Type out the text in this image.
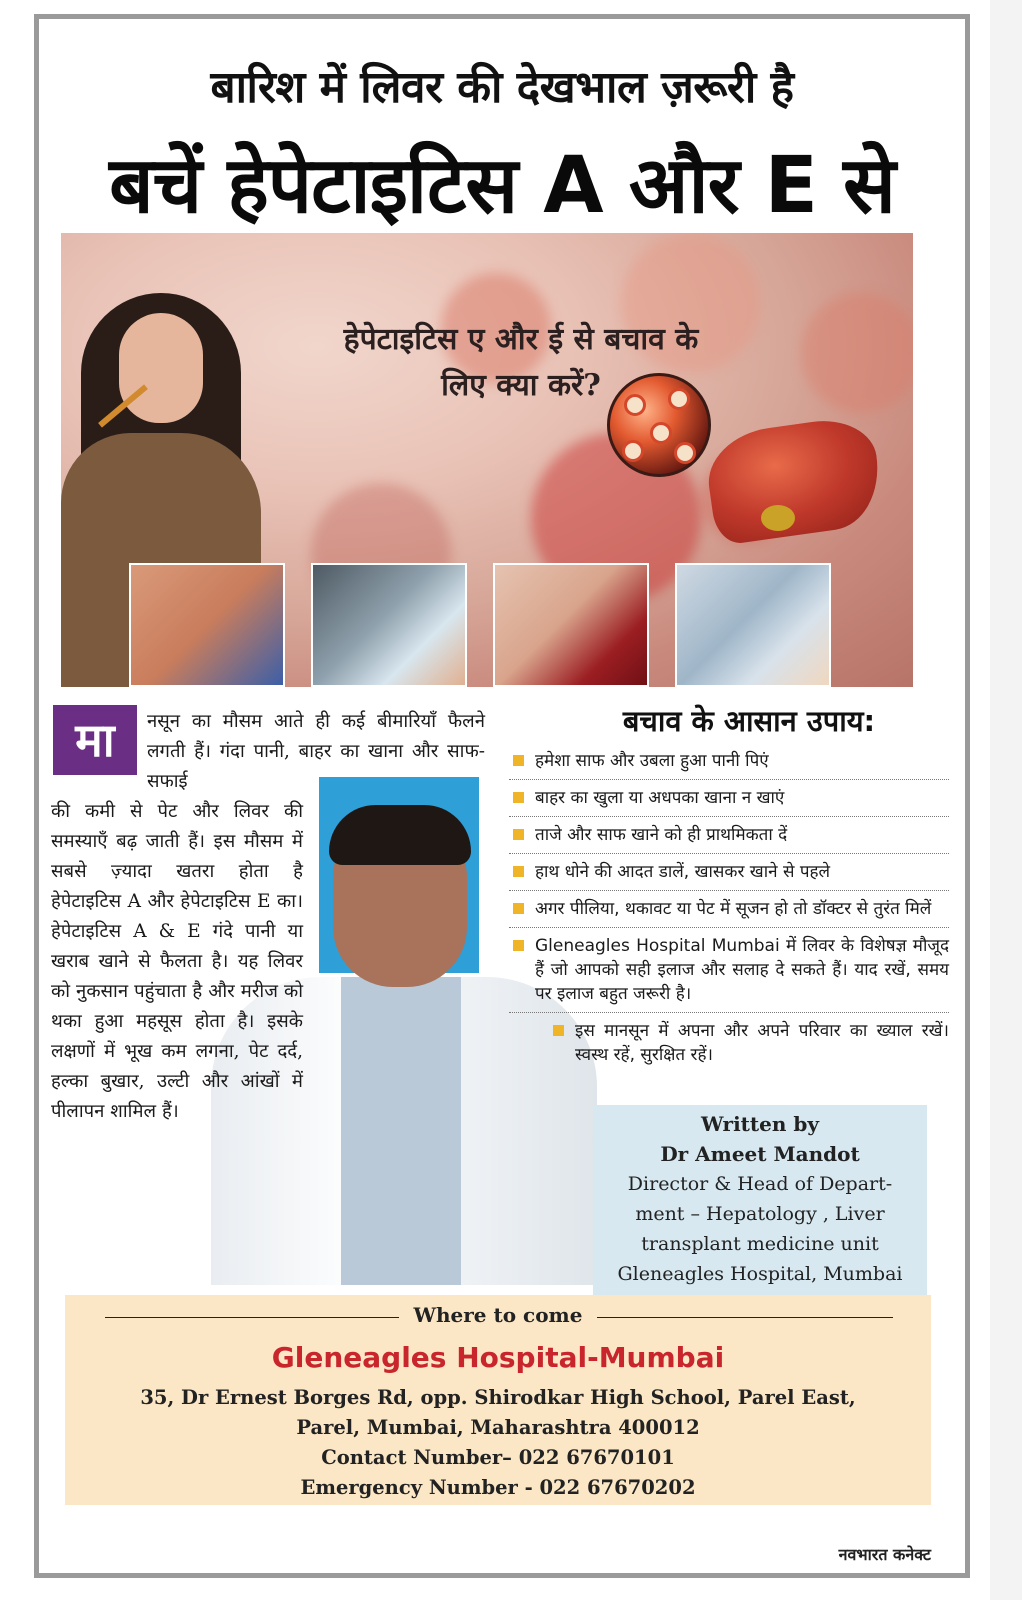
बारिश में लिवर की देखभाल ज़रूरी है
बचें हेपेटाइटिस A और E से
हेपेटाइटिस ए और ई से बचाव के
लिए क्या करें?
मा	नसून का मौसम आते ही कई बीमारियाँ फैलने लगती हैं। गंदा पानी, बाहर का खाना और साफ-सफाई

की कमी से पेट और लिवर की समस्याएँ बढ़ जाती हैं। इस मौसम में सबसे ज़्यादा खतरा होता है हेपेटाइटिस A और हेपेटाइटिस E का। हेपेटाइटिस A & E गंदे पानी या खराब खाने से फैलता है। यह लिवर को नुकसान पहुंचाता है और मरीज को थका हुआ महसूस होता है। इसके लक्षणों में भूख कम लगना, पेट दर्द, हल्का बुखार, उल्टी और आंखों में पीलापन शामिल हैं।

बचाव के आसान उपाय:
हमेशा साफ और उबला हुआ पानी पिएं
बाहर का खुला या अधपका खाना न खाएं
ताजे और साफ खाने को ही प्राथमिकता दें
हाथ धोने की आदत डालें, खासकर खाने से पहले
अगर पीलिया, थकावट या पेट में सूजन हो तो डॉक्टर से तुरंत मिलें
Gleneagles Hospital Mumbai में लिवर के विशेषज्ञ मौजूद हैं जो आपको सही इलाज और सलाह दे सकते हैं। याद रखें, समय पर इलाज बहुत जरूरी है।
इस मानसून में अपना और अपने परिवार का ख्याल रखें। स्वस्थ रहें, सुरक्षित रहें।
Written by
Dr Ameet Mandot
Director & Head of Depart-
ment – Hepatology , Liver
transplant medicine unit
Gleneagles Hospital, Mumbai
Where to come
Gleneagles Hospital-Mumbai
35, Dr Ernest Borges Rd, opp. Shirodkar High School, Parel East,
Parel, Mumbai, Maharashtra 400012
Contact Number– 022 67670101
Emergency Number - 022 67670202
नवभारत कनेक्ट
